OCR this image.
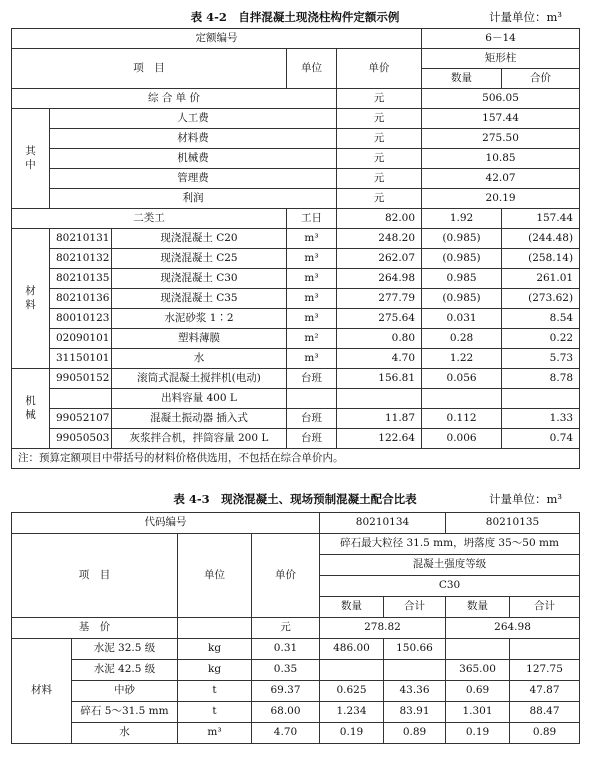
表 4-2　自拌混凝土现浇柱构件定额示例	计量单位：m³
定额编号					6－14	
项　目			单位	单价	矩形柱	
					数量	合价
综 合 单 价				元	506.05	

其
中	人工费			元	157.44	
	材料费			元	275.50	
	机械费			元	10.85	
	管理费			元	42.07	
	利润			元	20.19	
二类工			工日	82.00	1.92	157.44

材
料	80210131	现浇混凝土 C20	m³	248.20	(0.985)	(244.48)
	80210132	现浇混凝土 C25	m³	262.07	(0.985)	(258.14)
	80210135	现浇混凝土 C30	m³	264.98	0.985	261.01
	80210136	现浇混凝土 C35	m³	277.79	(0.985)	(273.62)
	80010123	水泥砂浆 1∶2	m³	275.64	0.031	8.54
	02090101	塑料薄膜	m²	0.80	0.28	0.22
	31150101	水	m³	4.70	1.22	5.73

机
械	99050152	滚筒式混凝土搅拌机(电动)	台班	156.81	0.056	8.78
		出料容量 400 L				
	99052107	混凝土振动器 插入式	台班	11.87	0.112	1.33
	99050503	灰浆拌合机，拌筒容量 200 L	台班	122.64	0.006	0.74
注：预算定额项目中带括号的材料价格供选用，不包括在综合单价内。						
表 4-3　现浇混凝土、现场预制混凝土配合比表	计量单位：m³
代码编号				80210134		80210135	
项　目		单位	单价	碎石最大粒径 31.5 mm，坍落度 35～50 mm			
				混凝土强度等级			
				C30			
				数量	合计	数量	合计
基　价			元	278.82		264.98	
材料	水泥 32.5 级	kg	0.31	486.00	150.66		
	水泥 42.5 级	kg	0.35			365.00	127.75
	中砂	t	69.37	0.625	43.36	0.69	47.87
	碎石 5～31.5 mm	t	68.00	1.234	83.91	1.301	88.47
	水	m³	4.70	0.19	0.89	0.19	0.89
